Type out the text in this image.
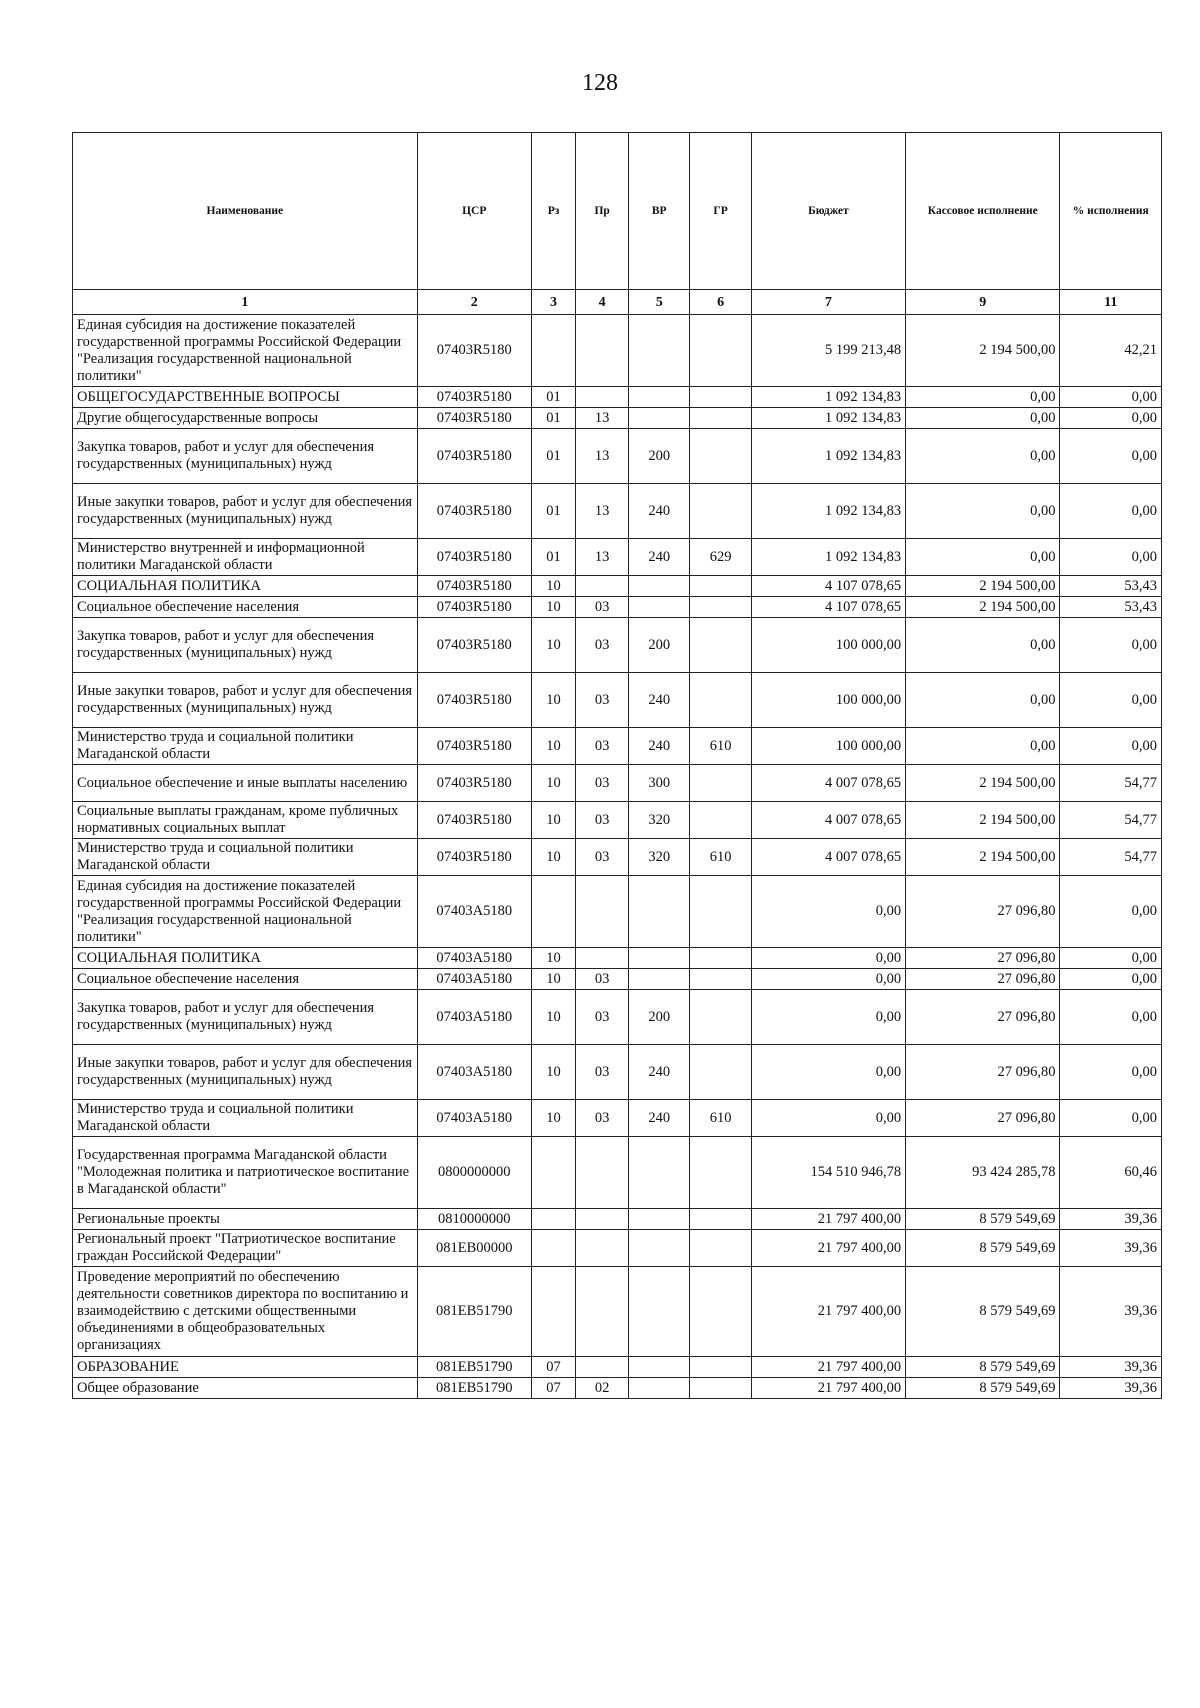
128
Наименование	ЦСР	Рз	Пр	ВР	ГР	Бюджет	Кассовое исполнение	% исполнения
1	2	3	4	5	6	7	9	11
Единая субсидия на достижение показателей государственной программы Российской Федерации "Реализация государственной национальной политики"	07403R5180					5 199 213,48	2 194 500,00	42,21
ОБЩЕГОСУДАРСТВЕННЫЕ ВОПРОСЫ	07403R5180	01				1 092 134,83	0,00	0,00
Другие общегосударственные вопросы	07403R5180	01	13			1 092 134,83	0,00	0,00
Закупка товаров, работ и услуг для обеспечения государственных (муниципальных) нужд	07403R5180	01	13	200		1 092 134,83	0,00	0,00
Иные закупки товаров, работ и услуг для обеспечения государственных (муниципальных) нужд	07403R5180	01	13	240		1 092 134,83	0,00	0,00
Министерство внутренней и информационной политики Магаданской области	07403R5180	01	13	240	629	1 092 134,83	0,00	0,00
СОЦИАЛЬНАЯ ПОЛИТИКА	07403R5180	10				4 107 078,65	2 194 500,00	53,43
Социальное обеспечение населения	07403R5180	10	03			4 107 078,65	2 194 500,00	53,43
Закупка товаров, работ и услуг для обеспечения государственных (муниципальных) нужд	07403R5180	10	03	200		100 000,00	0,00	0,00
Иные закупки товаров, работ и услуг для обеспечения государственных (муниципальных) нужд	07403R5180	10	03	240		100 000,00	0,00	0,00
Министерство труда и социальной политики Магаданской области	07403R5180	10	03	240	610	100 000,00	0,00	0,00
Социальное обеспечение и иные выплаты населению	07403R5180	10	03	300		4 007 078,65	2 194 500,00	54,77
Социальные выплаты гражданам, кроме публичных нормативных социальных выплат	07403R5180	10	03	320		4 007 078,65	2 194 500,00	54,77
Министерство труда и социальной политики Магаданской области	07403R5180	10	03	320	610	4 007 078,65	2 194 500,00	54,77
Единая субсидия на достижение показателей государственной программы Российской Федерации "Реализация государственной национальной политики"	07403A5180					0,00	27 096,80	0,00
СОЦИАЛЬНАЯ ПОЛИТИКА	07403A5180	10				0,00	27 096,80	0,00
Социальное обеспечение населения	07403A5180	10	03			0,00	27 096,80	0,00
Закупка товаров, работ и услуг для обеспечения государственных (муниципальных) нужд	07403A5180	10	03	200		0,00	27 096,80	0,00
Иные закупки товаров, работ и услуг для обеспечения государственных (муниципальных) нужд	07403A5180	10	03	240		0,00	27 096,80	0,00
Министерство труда и социальной политики Магаданской области	07403A5180	10	03	240	610	0,00	27 096,80	0,00
Государственная программа Магаданской области "Молодежная политика и патриотическое воспитание в Магаданской области"	0800000000					154 510 946,78	93 424 285,78	60,46
Региональные проекты	0810000000					21 797 400,00	8 579 549,69	39,36
Региональный проект "Патриотическое воспитание граждан Российской Федерации"	081EB00000					21 797 400,00	8 579 549,69	39,36
Проведение мероприятий по обеспечению деятельности советников директора по воспитанию и взаимодействию с детскими общественными объединениями в общеобразовательных организациях	081EB51790					21 797 400,00	8 579 549,69	39,36
ОБРАЗОВАНИЕ	081EB51790	07				21 797 400,00	8 579 549,69	39,36
Общее образование	081EB51790	07	02			21 797 400,00	8 579 549,69	39,36
